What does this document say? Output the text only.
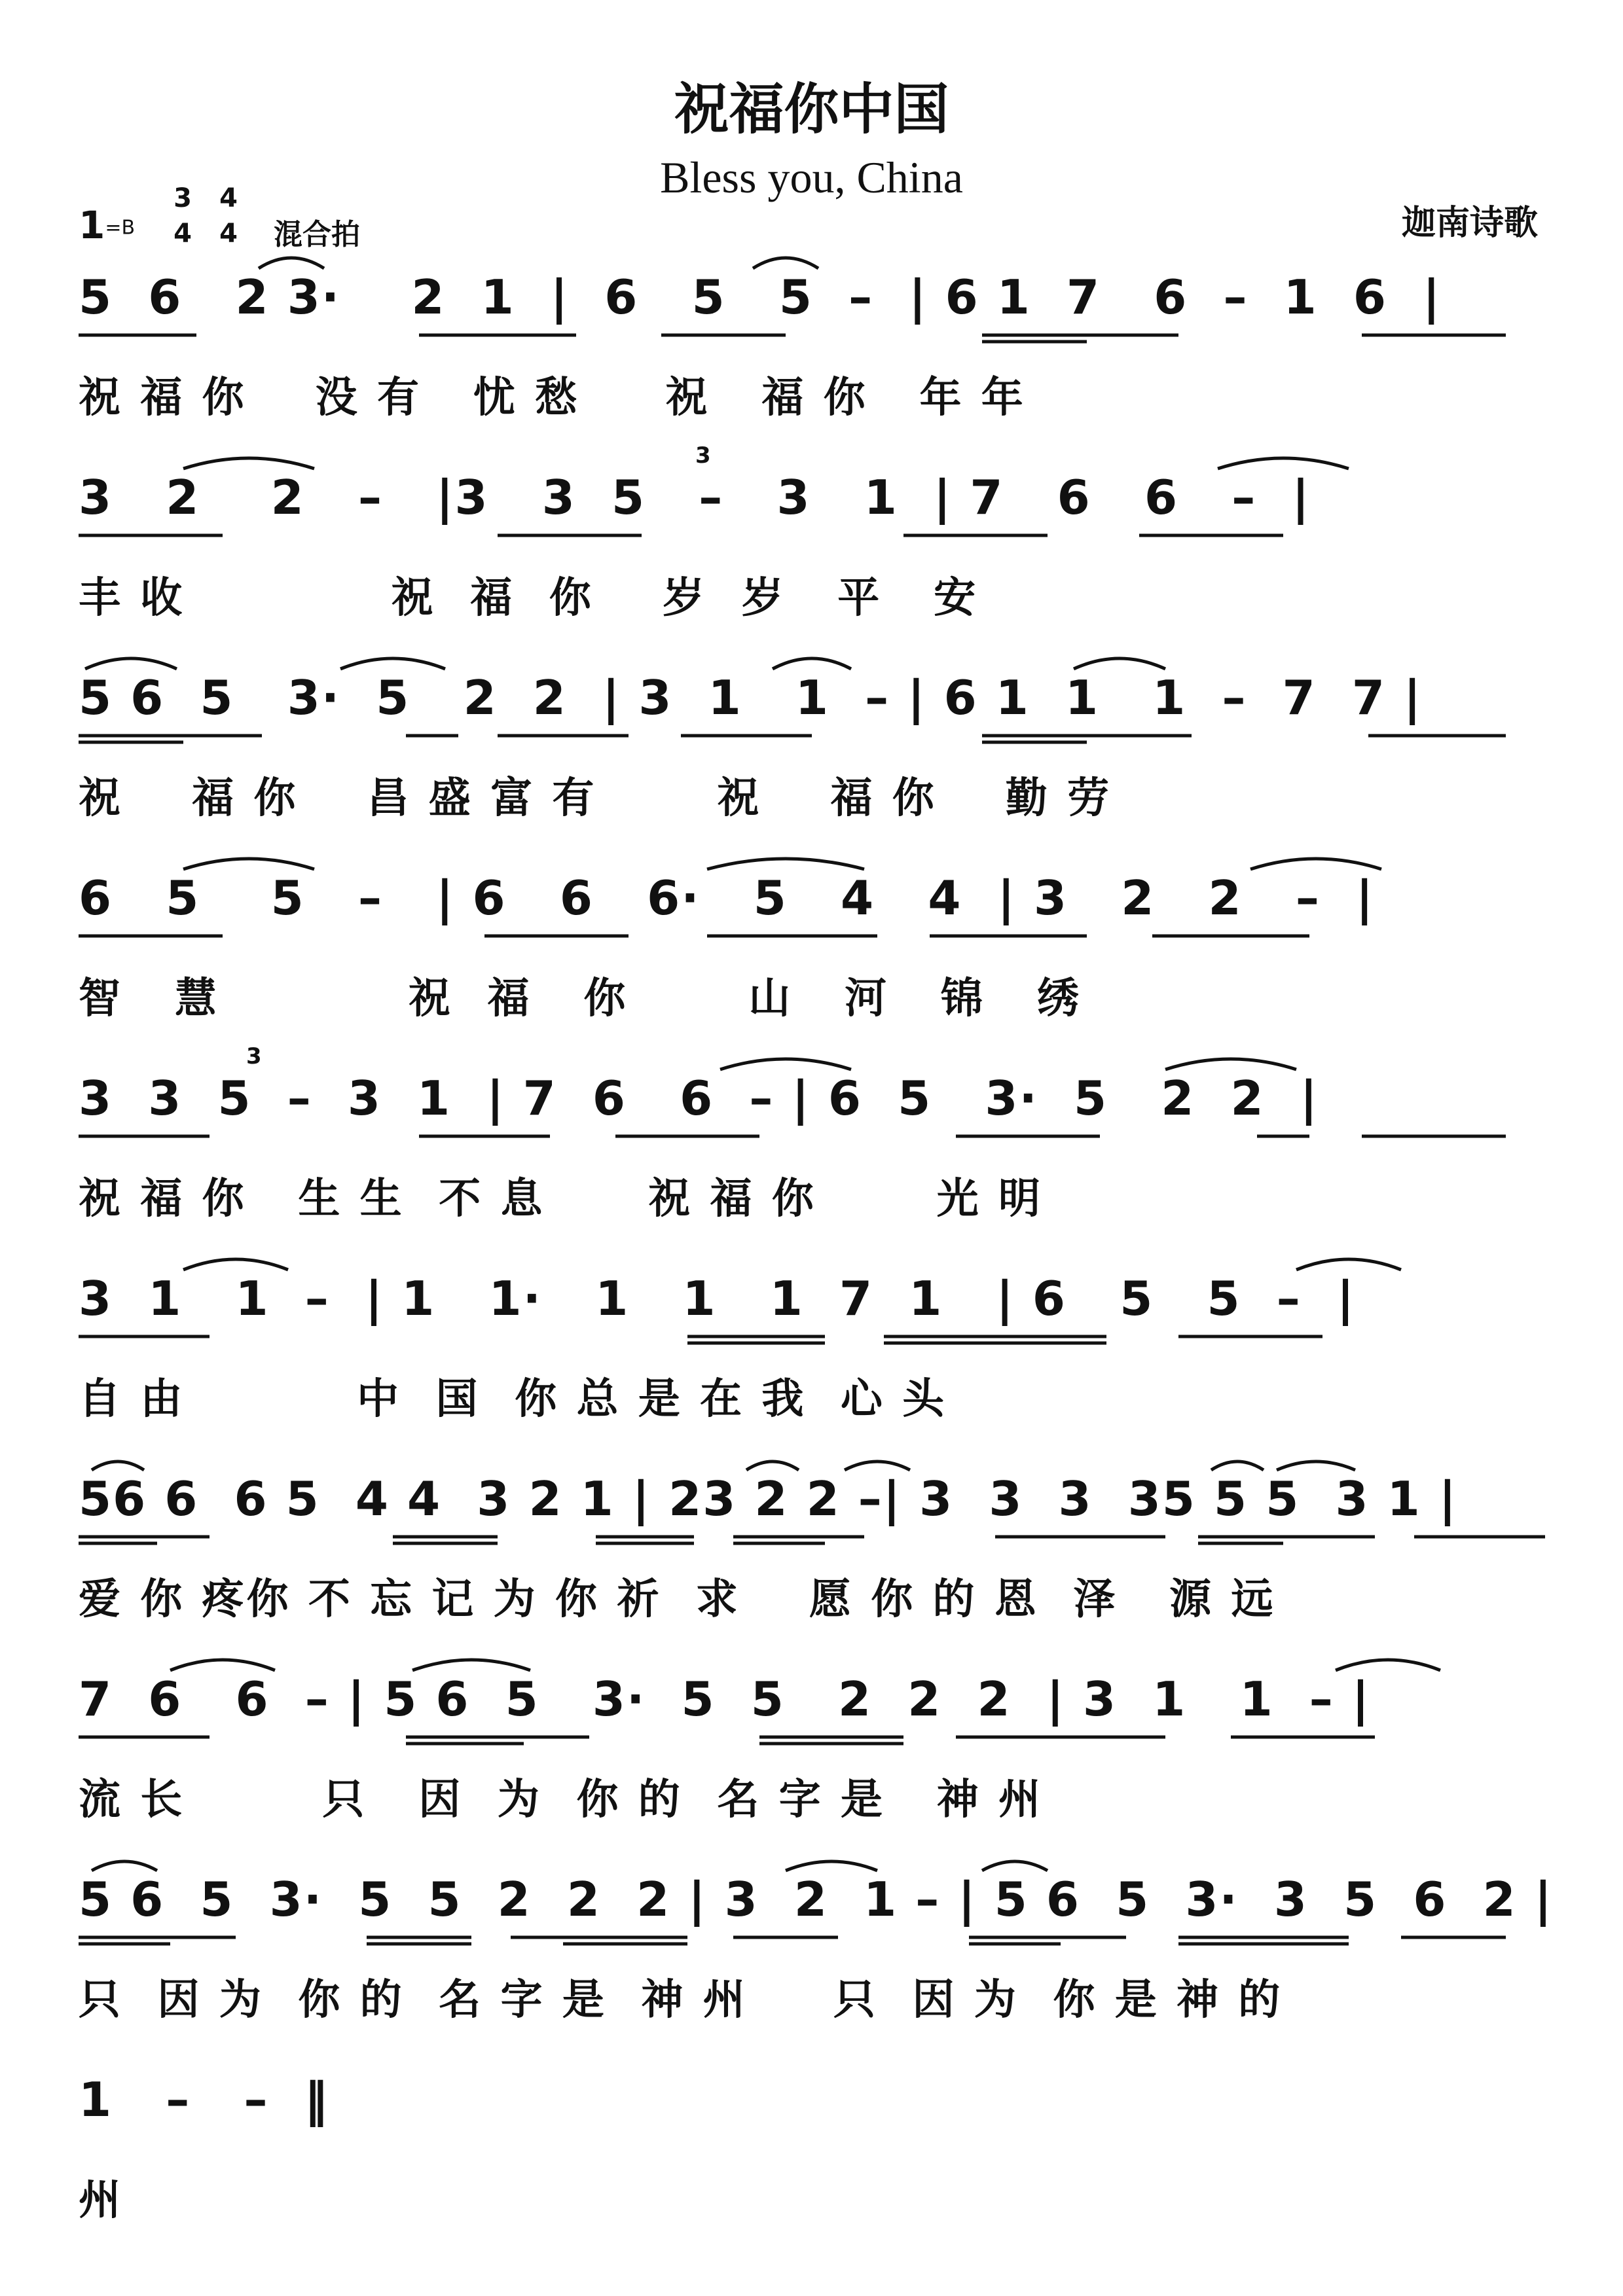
祝福你中国
Bless you, China
1=B
3
4
4
4 混合拍	迦南诗歌
5  6   2 3·    2  1  |  6   5   5  –  | 6 1  7   6  –  1  6  |
祝 福 你    没 有   忧 愁     祝   福 你   年 年
3   2    2   –   |3   3  5   –   3   1  | 7   6   6   –  |
丰 收            祝  福  你    岁  岁   平   安
5 6  5   3·  5   2  2  | 3  1   1  – | 6 1  1   1  –  7  7 |
祝    福 你    昌 盛 富 有       祝    福 你    勤 劳
6   5    5   –   | 6   6   6·   5   4   4  | 3   2   2   –  |
智   慧           祝  福   你       山   河   锦   绣
3  3  5  –  3  1  | 7  6   6  – | 6  5   3·  5   2  2  |
祝 福 你   生 生  不 息      祝 福 你       光 明
3  1   1  –  | 1   1·   1   1   1  7  1   | 6   5   5  –  |
自 由          中  国  你 总 是 在 我  心 头
56 6  6 5  4 4  3 2 1 | 23 2 2 –| 3  3  3  35 5 5  3 1 |
爱 你 疼你 不 忘 记 为 你 祈  求    愿 你 的 恩  泽   源 远
7  6   6  – | 5 6  5   3·  5  5   2  2  2  | 3  1   1  – |
流 长        只   因  为  你 的  名 字 是   神 州
5 6  5  3·  5  5  2  2  2 | 3  2  1 – | 5 6  5  3·  3  5  6  2 |
只  因 为  你 的  名 字 是  神 州     只  因 为  你 是 神 的
1   –   –  ‖
州
3
3
